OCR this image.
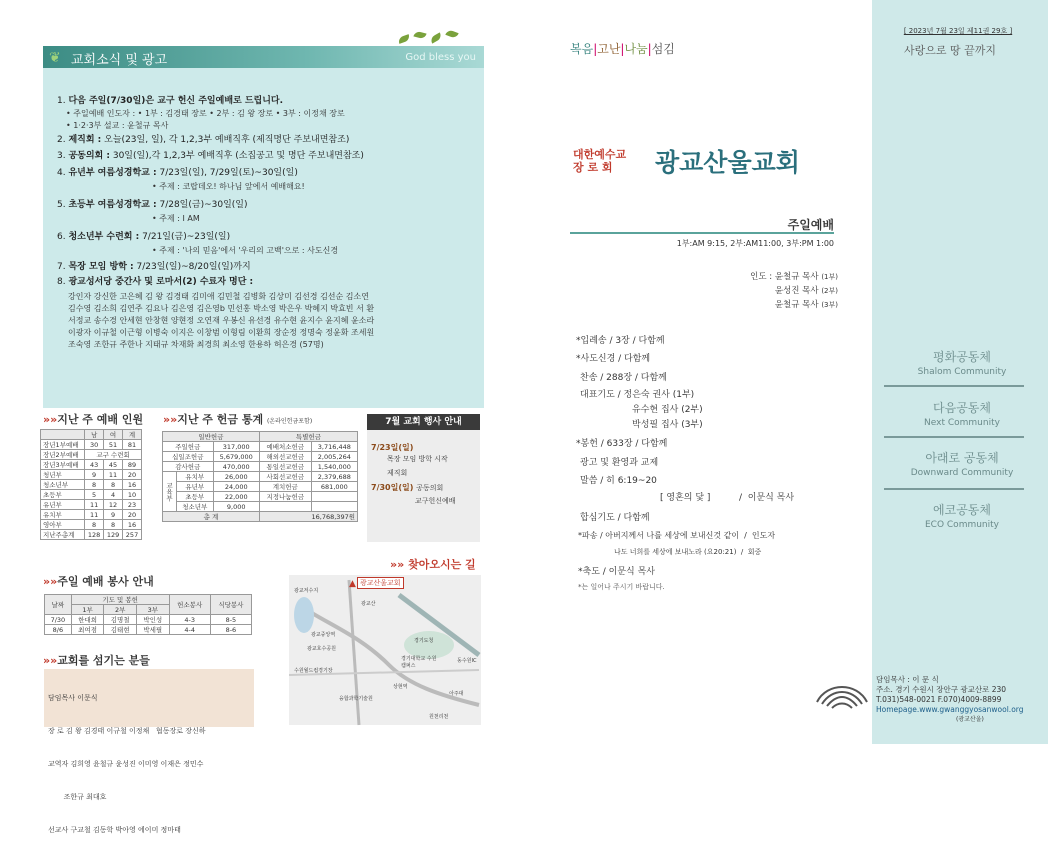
❦ 교회소식 및 광고	God bless you
1. 다음 주일(7/30일)은 교구 헌신 주일예배로 드립니다.
• 주일예배 인도자 : • 1부 : 김경태 장로 • 2부 : 김 왕 장로 • 3부 : 이정채 장로
• 1·2·3부 설교 : 윤철규 목사
2. 제직회 : 오늘(23일, 일), 각 1,2,3부 예배직후 (제직명단 주보내면참조)
3. 공동의회 : 30일(일),각 1,2,3부 예배직후 (소집공고 및 명단 주보내면참조)
4. 유년부 여름성경학교 : 7/23일(일), 7/29일(토)~30일(일)
• 주제 : 코랍데오! 하나님 앞에서 예배해요!
5. 초등부 여름성경학교 : 7/28일(금)~30일(일)
• 주제 : I AM
6. 청소년부 수련회 : 7/21일(금)~23일(일)
• 주제 : '나의 믿음'에서 '우리의 고백'으로 : 사도신경
7. 목장 모임 방학 : 7/23일(일)~8/20일(일)까지
8. 광교성서당 중간사 및 로마서(2) 수료자 명단 :
강인자 강신한 고은혜 김 왕 김경태 김미애 김민철 김병화 김상미 김선경 김선순 김소연
김수영 김소희 김연주 김요나 김은영 김은영b 민선홍 박소영 박은우 박혜지 박효빈 서 환
서정교 송수경 안세현 안창현 양현정 오연재 우봉신 유선경 유수현 윤지수 윤지혜 윤소라
이광자 이규철 이근형 이병숙 이지은 이창범 이형림 이환희 장순정 정명숙 정윤화 조세원
조숙영 조한규 주한나 지태규 차재화 최경희 최소영 한용하 허은경 (57명)
»»지난 주 예배 인원
	남	여	계
장년1부예배	30	51	81
장년2부예배	교구 수련회		
장년3부예배	43	45	89
청년부	9	11	20
청소년부	8	8	16
초등부	5	4	10
유년부	11	12	23
유치부	11	9	20
영아부	8	8	16
지난주총계	128	129	257
»»지난 주 헌금 통계 (온라인헌금포함)
일반헌금			특별헌금	
주일헌금		317,000	예배처소헌금	3,716,448
십일조헌금		5,679,000	해외선교헌금	2,005,264
감사헌금		470,000	통일선교헌금	1,540,000
교육부	유치부	26,000	사회선교헌금	2,379,688
	유년부	24,000	계치헌금	681,000
	초등부	22,000	지정나눔헌금	
	청소년부	9,000		
총 계			16,768,397원	
7월 교회 행사 안내
7/23일(일)
목장 모임 방학 시작
제직회
7/30일(일) 공동의회
교구헌신예배
»»주일 예배 봉사 안내
날짜	기도 및 봉헌			헌소봉사	식당봉사
	1부	2부	3부		
7/30	한대희	김명철	박인성	4-3	8-5
8/6	최여점	김태현	박세필	4-4	8-6
»»교회를 섬기는 분들

담임목사 이문식

장 로 김 왕 김경태 이규철 이정채   협동장로 장신하

교역자 김희영 윤철규 윤성진 이미영 이재은 정민수

조한규 최대호

선교사 구교철 김동학 박아영 에이미 정마태

»» 찾아오시는 길
광교산울교회
▲
광교저수지
광교산
경기대학교 수원캠퍼스
광교호수공원
수원월드컵경기장
경기도청
융합과학기술원
광교중앙역
아주대
동수원IC
상현역
원천리천
복음|고난|나눔|섬김
대한예수교
장 로 회	광교산울교회
주일예배
1부:AM 9:15, 2부:AM11:00, 3부:PM 1:00
인도 : 윤철규 목사 (1부)
윤성진 목사 (2부)
윤철규 목사 (3부)
*입례송 / 3장 / 다함께
*사도신경 / 다함께
찬송 / 288장 / 다함께
대표기도 / 정은숙 권사 (1부)
유수현 집사 (2부)
박성필 집사 (3부)
*봉헌 / 633장 / 다함께
광고 및 환영과 교제
말씀 / 히 6:19~20
[ 영혼의 닻 ]          /  이문식 목사
합심기도 / 다함께
*파송 / 아버지께서 나를 세상에 보내신것 같이  /  인도자
나도 너희를 세상에 보내노라 (요20:21)  /  회중
*축도 / 이문식 목사
*는 일어나 주시기 바랍니다.
[ 2023년 7월 23일 제11권 29호 ]
사랑으로 땅 끝까지
평화공동체
Shalom Community
다음공동체
Next Community
아래로 공동체
Downward Community
에코공동체
ECO Community
담임목사 : 이 문 식
주소. 경기 수원시 장안구 광교산로 230
T.031)548-0021 F.070)4009-8899
Homepage.www.gwanggyosanwool.org
(광교산울)
